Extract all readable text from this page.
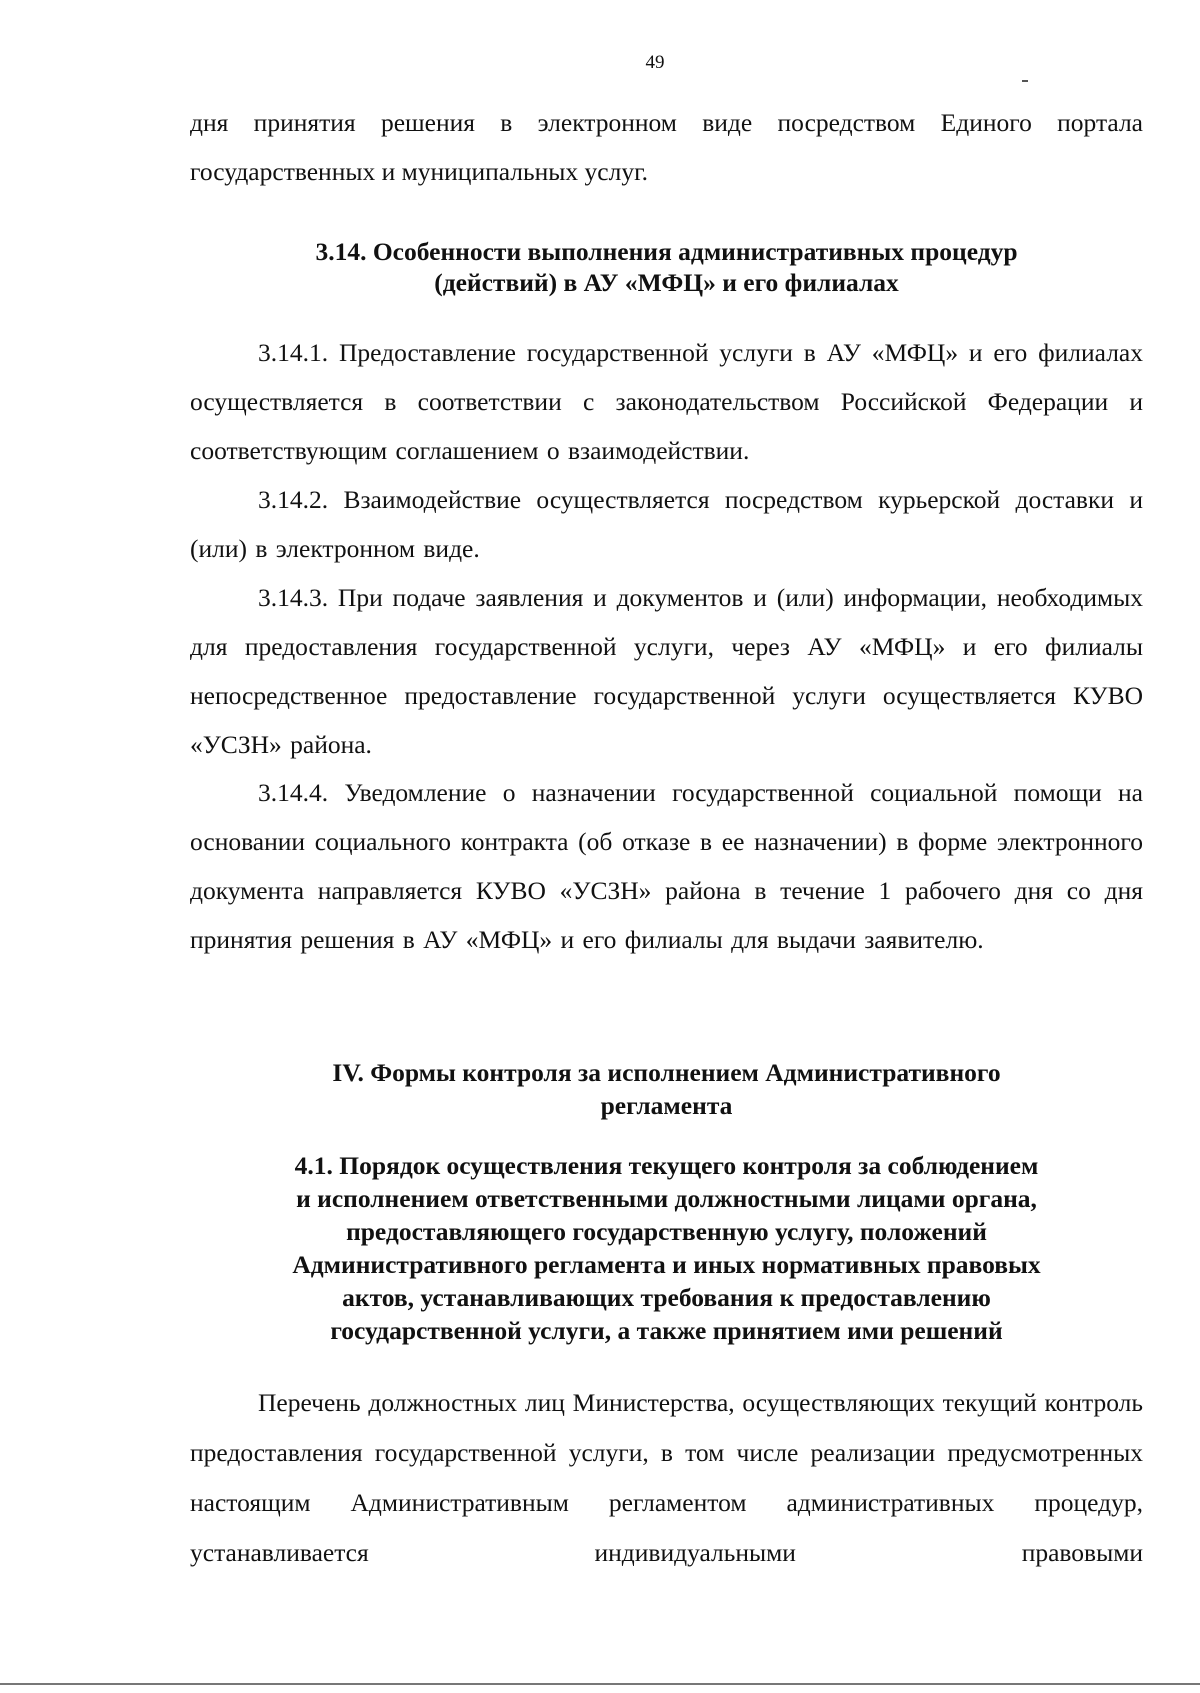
49
дня принятия решения в электронном виде посредством Единого портала
государственных и муниципальных услуг.
3.14. Особенности выполнения административных процедур
(действий) в АУ «МФЦ» и его филиалах
3.14.1. Предоставление государственной услуги в АУ «МФЦ» и его филиалах осуществляется в соответствии с законодательством Российской Федерации и соответствующим соглашением о взаимодействии.
3.14.2. Взаимодействие осуществляется посредством курьерской доставки и (или) в электронном виде.
3.14.3. При подаче заявления и документов и (или) информации, необходимых для предоставления государственной услуги, через АУ «МФЦ» и его филиалы непосредственное предоставление государственной услуги осуществляется КУВО «УСЗН» района.
3.14.4. Уведомление о назначении государственной социальной помощи на основании социального контракта (об отказе в ее назначении) в форме электронного документа направляется КУВО «УСЗН» района в течение 1 рабочего дня со дня принятия решения в АУ «МФЦ» и его филиалы для выдачи заявителю.
IV. Формы контроля за исполнением Административного
регламента
4.1. Порядок осуществления текущего контроля за соблюдением
и исполнением ответственными должностными лицами органа,
предоставляющего государственную услугу, положений
Административного регламента и иных нормативных правовых
актов, устанавливающих требования к предоставлению
государственной услуги, а также принятием ими решений
Перечень должностных лиц Министерства, осуществляющих текущий контроль предоставления государственной услуги, в том числе реализации предусмотренных настоящим Административным регламентом административных процедур, устанавливается индивидуальными правовыми
